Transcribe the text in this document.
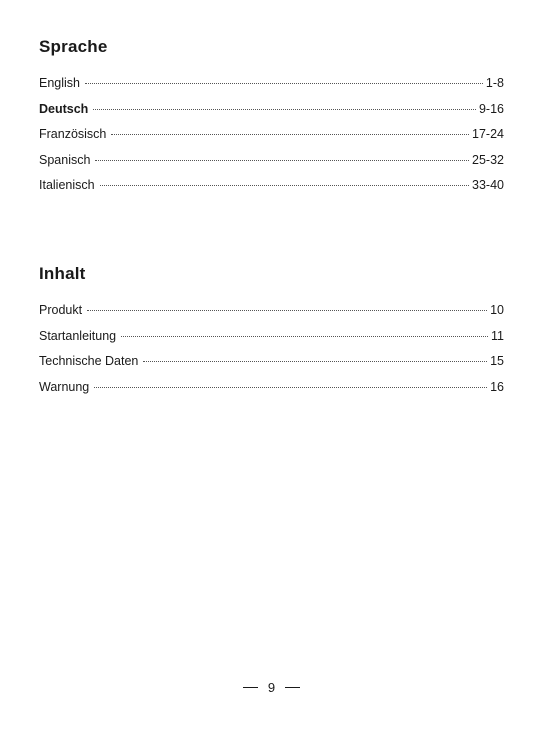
Sprache
English	1-8
Deutsch	9-16
Französisch	17-24
Spanisch	25-32
Italienisch	33-40
Inhalt
Produkt	10
Startanleitung	11
Technische Daten	15
Warnung	16
9
